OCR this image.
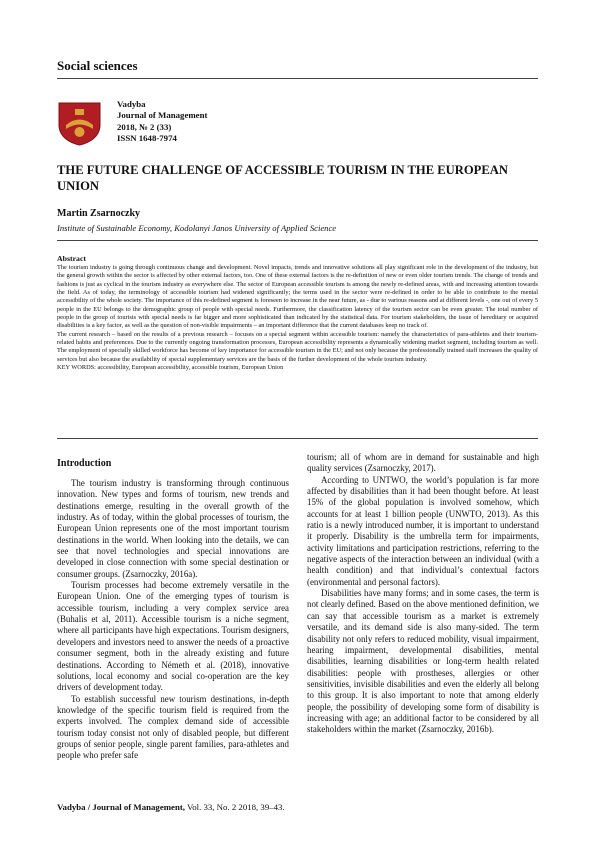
Social sciences
Vadyba
Journal of Management
2018, № 2 (33)
ISSN 1648-7974
THE FUTURE CHALLENGE OF ACCESSIBLE TOURISM IN THE EUROPEAN UNION
Martin Zsarnoczky
Institute of Sustainable Economy, Kodolanyi Janos University of Applied Science

Abstract

The tourism industry is going through continuous change and development. Novel impacts, trends and innovative solutions all play significant role in the development of the industry, but the general growth within the sector is affected by other external factors, too. One of these external factors is the re-definition of new or even older tourism trends. The change of trends and fashions is just as cyclical in the tourism industry as everywhere else. The sector of European accessible tourism is among the newly re-defined areas, with and increasing attention towards the field. As of today, the terminology of accessible tourism had widened significantly; the terms used in the sector were re-defined in order to be able to contribute to the mental accessibility of the whole society. The importance of this re-defined segment is foreseen to increase in the near future, as - due to various reasons and at different levels -, one out of every 5 people in the EU belongs to the demographic group of people with special needs. Furthermore, the classification latency of the tourism sector can be even greater. The total number of people in the group of tourists with special needs is far bigger and more sophisticated than indicated by the statistical data. For tourism stakeholders, the issue of hereditary or acquired disabilities is a key factor, as well as the question of non-visible impairments – an important difference that the current databases keep no track of.

The current research – based on the results of a previous research – focuses on a special segment within accessible tourism: namely the characteristics of para-athletes and their tourism-related habits and preferences. Due to the currently ongoing transformation processes, European accessibility represents a dynamically widening market segment, including tourism as well. The employment of specially skilled workforce has become of key importance for accessible tourism in the EU; and not only because the professionally trained staff increases the quality of services but also because the availability of special supplementary services are the basis of the further development of the whole tourism industry.

KEY WORDS: accessibility, European accessibility, accessible tourism, European Union

Introduction

The tourism industry is transforming through continuous innovation. New types and forms of tourism, new trends and destinations emerge, resulting in the overall growth of the industry. As of today, within the global processes of tourism, the European Union represents one of the most important tourism destinations in the world. When looking into the details, we can see that novel technologies and special innovations are developed in close connection with some special destination or consumer groups. (Zsarnoczky, 2016a).

Tourism processes had become extremely versatile in the European Union. One of the emerging types of tourism is accessible tourism, including a very complex service area (Buhalis et al, 2011). Accessible tourism is a niche segment, where all participants have high expectations. Tourism designers, developers and investors need to answer the needs of a proactive consumer segment, both in the already existing and future destinations. According to Németh et al. (2018), innovative solutions, local economy and social co-operation are the key drivers of development today.

To establish successful new tourism destinations, in-depth knowledge of the specific tourism field is required from the experts involved. The complex demand side of accessible tourism today consist not only of disabled people, but different groups of senior people, single parent families, para-athletes and people who prefer safe

tourism; all of whom are in demand for sustainable and high quality services (Zsarnoczky, 2017).

According to UNTWO, the world’s population is far more affected by disabilities than it had been thought before. At least 15% of the global population is involved somehow, which accounts for at least 1 billion people (UNWTO, 2013). As this ratio is a newly introduced number, it is important to understand it properly. Disability is the umbrella term for impairments, activity limitations and participation restrictions, referring to the negative aspects of the interaction between an individual (with a health condition) and that individual’s contextual factors (environmental and personal factors).

Disabilities have many forms; and in some cases, the term is not clearly defined. Based on the above mentioned definition, we can say that accessible tourism as a market is extremely versatile, and its demand side is also many-sided. The term disability not only refers to reduced mobility, visual impairment, hearing impairment, developmental disabilities, mental disabilities, learning disabilities or long-term health related disabilities: people with prostheses, allergies or other sensitivities, invisible disabilities and even the elderly all belong to this group. It is also important to note that among elderly people, the possibility of developing some form of disability is increasing with age; an additional factor to be considered by all stakeholders within the market (Zsarnoczky, 2016b).

Vadyba / Journal of Management, Vol. 33, No. 2 2018, 39–43.
